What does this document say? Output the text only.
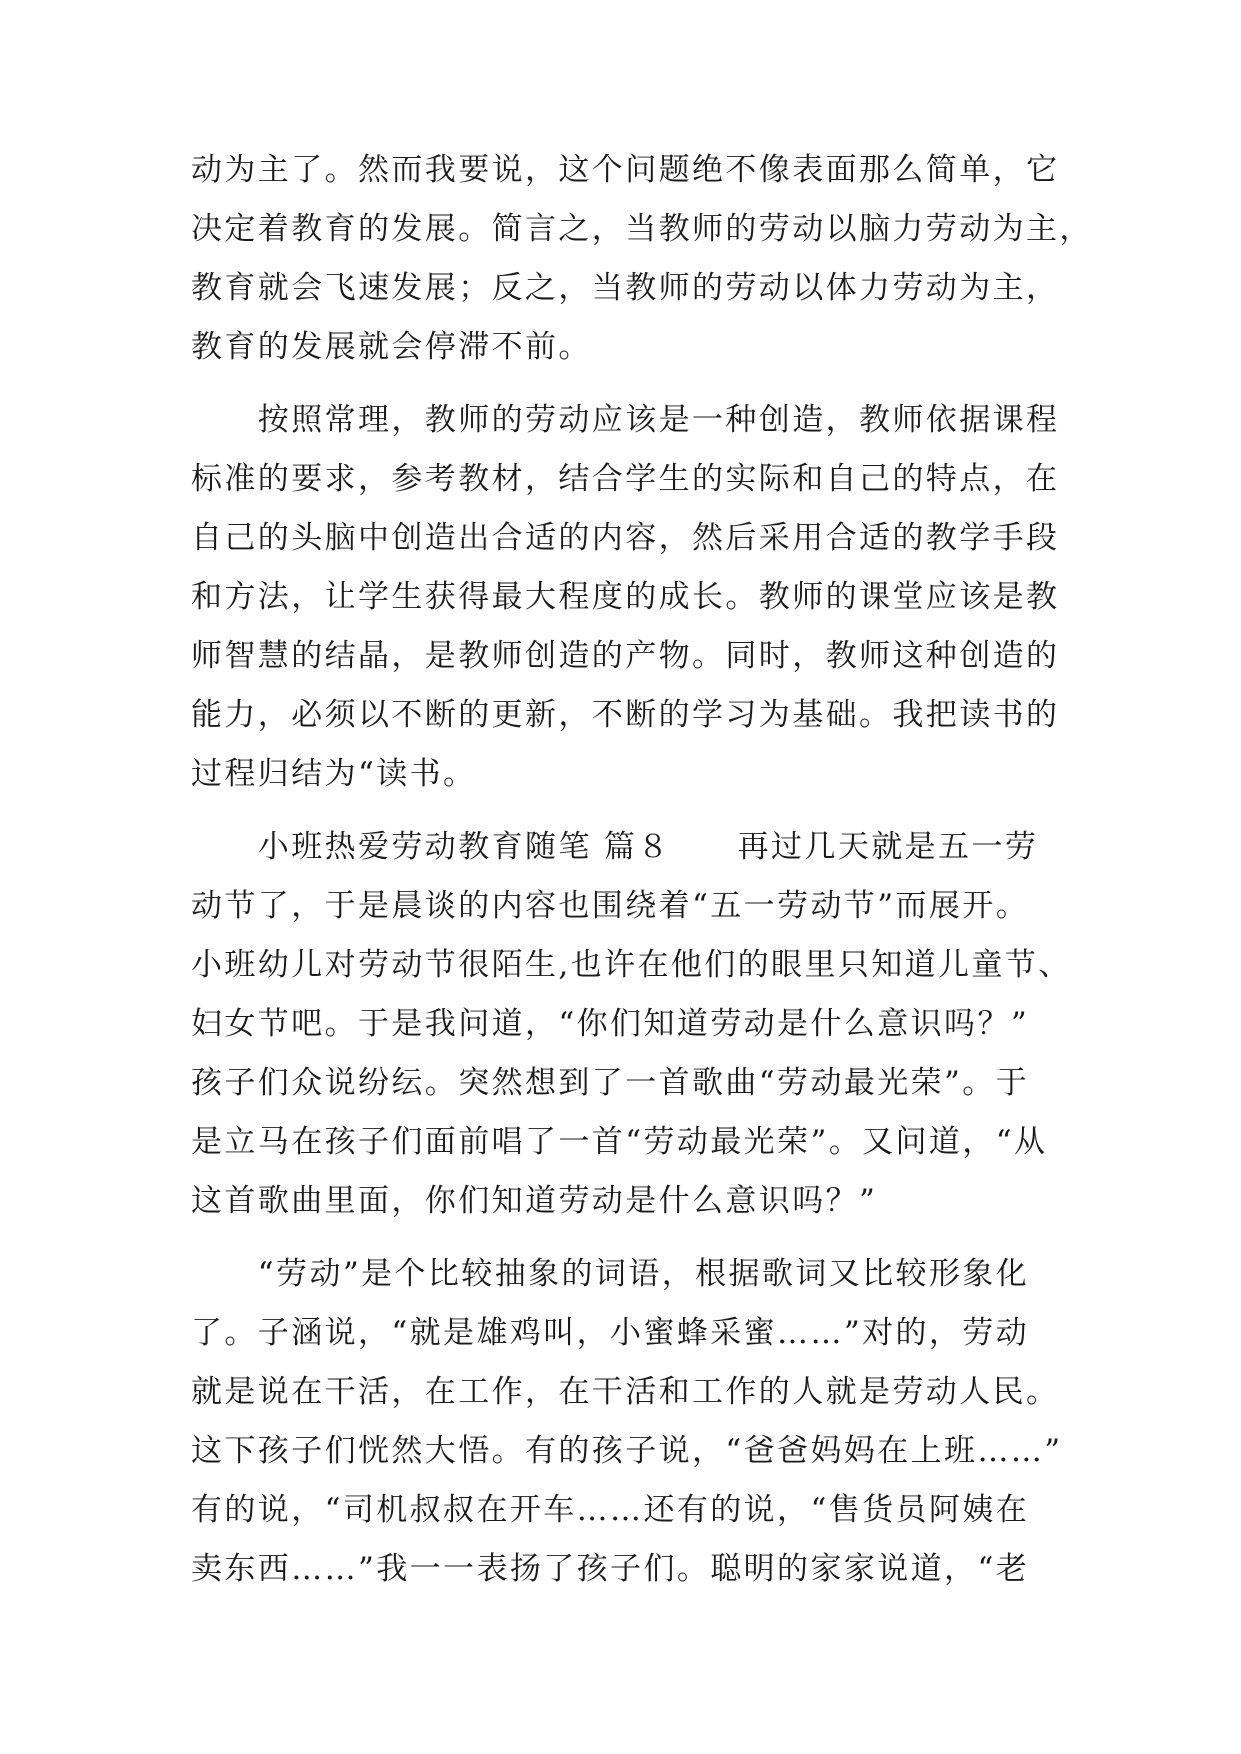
动为主了。然而我要说，这个问题绝不像表面那么简单，它
决定着教育的发展。简言之，当教师的劳动以脑力劳动为主，
教育就会飞速发展；反之，当教师的劳动以体力劳动为主，
教育的发展就会停滞不前。
　　按照常理，教师的劳动应该是一种创造，教师依据课程
标准的要求，参考教材，结合学生的实际和自己的特点，在
自己的头脑中创造出合适的内容，然后采用合适的教学手段
和方法，让学生获得最大程度的成长。教师的课堂应该是教
师智慧的结晶，是教师创造的产物。同时，教师这种创造的
能力，必须以不断的更新，不断的学习为基础。我把读书的
过程归结为“读书。
　　小班热爱劳动教育随笔 篇８　　再过几天就是五一劳
动节了，于是晨谈的内容也围绕着“五一劳动节”而展开。
小班幼儿对劳动节很陌生,也许在他们的眼里只知道儿童节、
妇女节吧。于是我问道，“你们知道劳动是什么意识吗？”
孩子们众说纷纭。突然想到了一首歌曲“劳动最光荣”。于
是立马在孩子们面前唱了一首“劳动最光荣”。又问道，“从
这首歌曲里面，你们知道劳动是什么意识吗？”
　　“劳动”是个比较抽象的词语，根据歌词又比较形象化
了。子涵说，“就是雄鸡叫，小蜜蜂采蜜……”对的，劳动
就是说在干活，在工作，在干活和工作的人就是劳动人民。
这下孩子们恍然大悟。有的孩子说，“爸爸妈妈在上班……”
有的说，“司机叔叔在开车……还有的说，“售货员阿姨在
卖东西……”我一一表扬了孩子们。聪明的家家说道，“老
